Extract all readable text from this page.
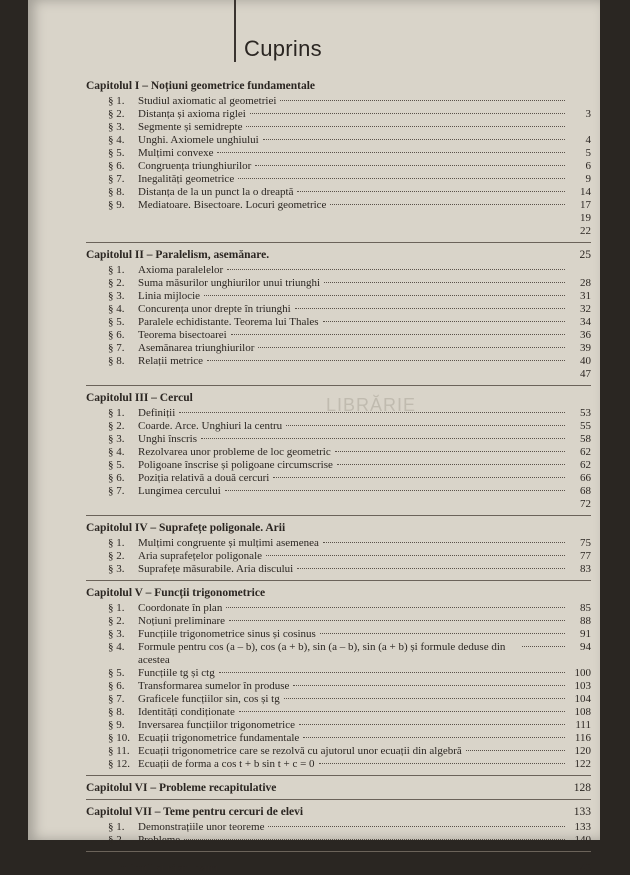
Cuprins
LIBRĂRIE
Capitolul I – Noțiuni geometrice fundamentale
§ 1.	Studiul axiomatic al geometriei
§ 2.	Distanța și axioma riglei	3
§ 3.	Segmente și semidrepte
§ 4.	Unghi. Axiomele unghiului	4
§ 5.	Mulțimi convexe	5
§ 6.	Congruența triunghiurilor	6
§ 7.	Inegalități geometrice	9
§ 8.	Distanța de la un punct la o dreaptă	14
§ 9.	Mediatoare. Bisectoare. Locuri geometrice	17
19
22
Capitolul II – Paralelism, asemănare.	25
§ 1.	Axioma paralelelor
§ 2.	Suma măsurilor unghiurilor unui triunghi	28
§ 3.	Linia mijlocie	31
§ 4.	Concurența unor drepte în triunghi	32
§ 5.	Paralele echidistante. Teorema lui Thales	34
§ 6.	Teorema bisectoarei	36
§ 7.	Asemănarea triunghiurilor	39
§ 8.	Relații metrice	40
47
Capitolul III – Cercul
§ 1.	Definiții	53
§ 2.	Coarde. Arce. Unghiuri la centru	55
§ 3.	Unghi înscris	58
§ 4.	Rezolvarea unor probleme de loc geometric	62
§ 5.	Poligoane înscrise și poligoane circumscrise	62
§ 6.	Poziția relativă a două cercuri	66
§ 7.	Lungimea cercului	68
72
Capitolul IV – Suprafețe poligonale. Arii
§ 1.	Mulțimi congruente și mulțimi asemenea	75
§ 2.	Aria suprafețelor poligonale	77
§ 3.	Suprafețe măsurabile. Aria discului	83
Capitolul V – Funcții trigonometrice
§ 1.	Coordonate în plan	85
§ 2.	Noțiuni preliminare	88
§ 3.	Funcțiile trigonometrice sinus și cosinus	91
§ 4.	Formule pentru cos (a – b), cos (a + b), sin (a – b), sin (a + b) și formule deduse din acestea
94
§ 5.	Funcțiile tg și ctg	100
§ 6.	Transformarea sumelor în produse	103
§ 7.	Graficele funcțiilor sin, cos și tg	104
§ 8.	Identități condiționate	108
§ 9.	Inversarea funcțiilor trigonometrice	111
§ 10. Ecuații trigonometrice fundamentale	116
§ 11. Ecuații trigonometrice care se rezolvă cu ajutorul unor ecuații din algebră	120
§ 12. Ecuații de forma a cos t + b sin t + c = 0	122
Capitolul VI – Probleme recapitulative	128
Capitolul VII – Teme pentru cercuri de elevi	133
§ 1.	Demonstrațiile unor teoreme	133
§ 2.	Probleme	140
Indicații și răspunsuri	143
